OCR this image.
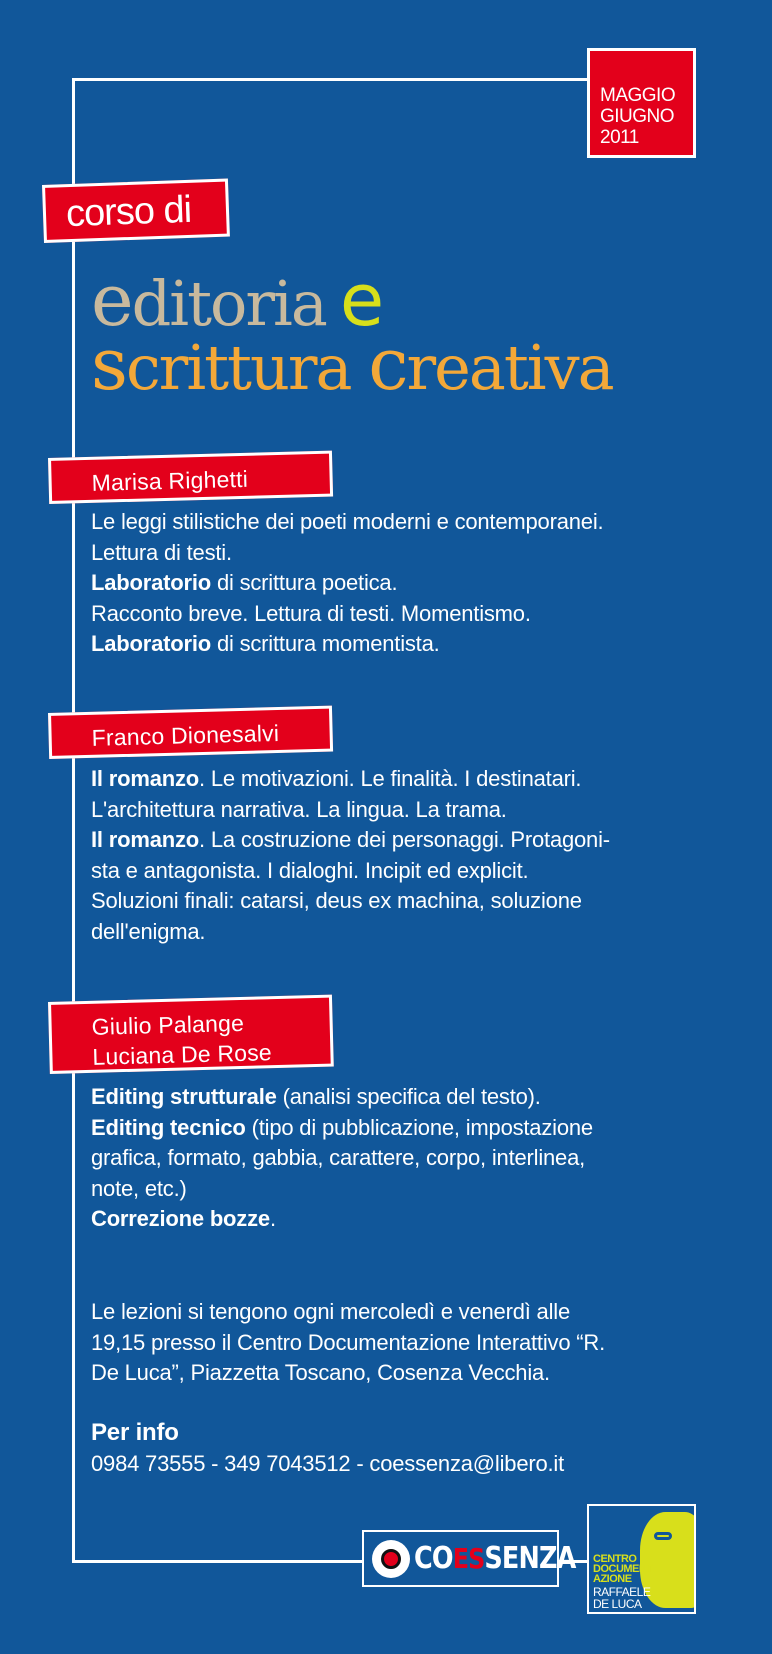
MAGGIO
GIUGNO
2011
corso di
editoria e
scrittura creativa
Marisa Righetti
Le leggi stilistiche dei poeti moderni e contemporanei.
Lettura di testi.
Laboratorio di scrittura poetica.
Racconto breve. Lettura di testi. Momentismo.
Laboratorio di scrittura momentista.
Franco Dionesalvi
Il romanzo. Le motivazioni. Le finalità. I destinatari.
L'architettura narrativa. La lingua. La trama.
Il romanzo. La costruzione dei personaggi. Protagoni-
sta e antagonista. I dialoghi. Incipit ed explicit.
Soluzioni finali: catarsi, deus ex machina, soluzione
dell'enigma.
Giulio Palange
Luciana De Rose
Editing strutturale (analisi specifica del testo).
Editing tecnico (tipo di pubblicazione, impostazione
grafica, formato, gabbia, carattere, corpo, interlinea,
note, etc.)
Correzione bozze.
Le lezioni si tengono ogni mercoledì e venerdì alle
19,15 presso il Centro Documentazione Interattivo “R.
De Luca”, Piazzetta Toscano, Cosenza Vecchia.
Per info
0984 73555 - 349 7043512 - coessenza@libero.it
COESSENZA CENTRO
DOCUMENT
AZIONE
RAFFAELE
DE LUCA
